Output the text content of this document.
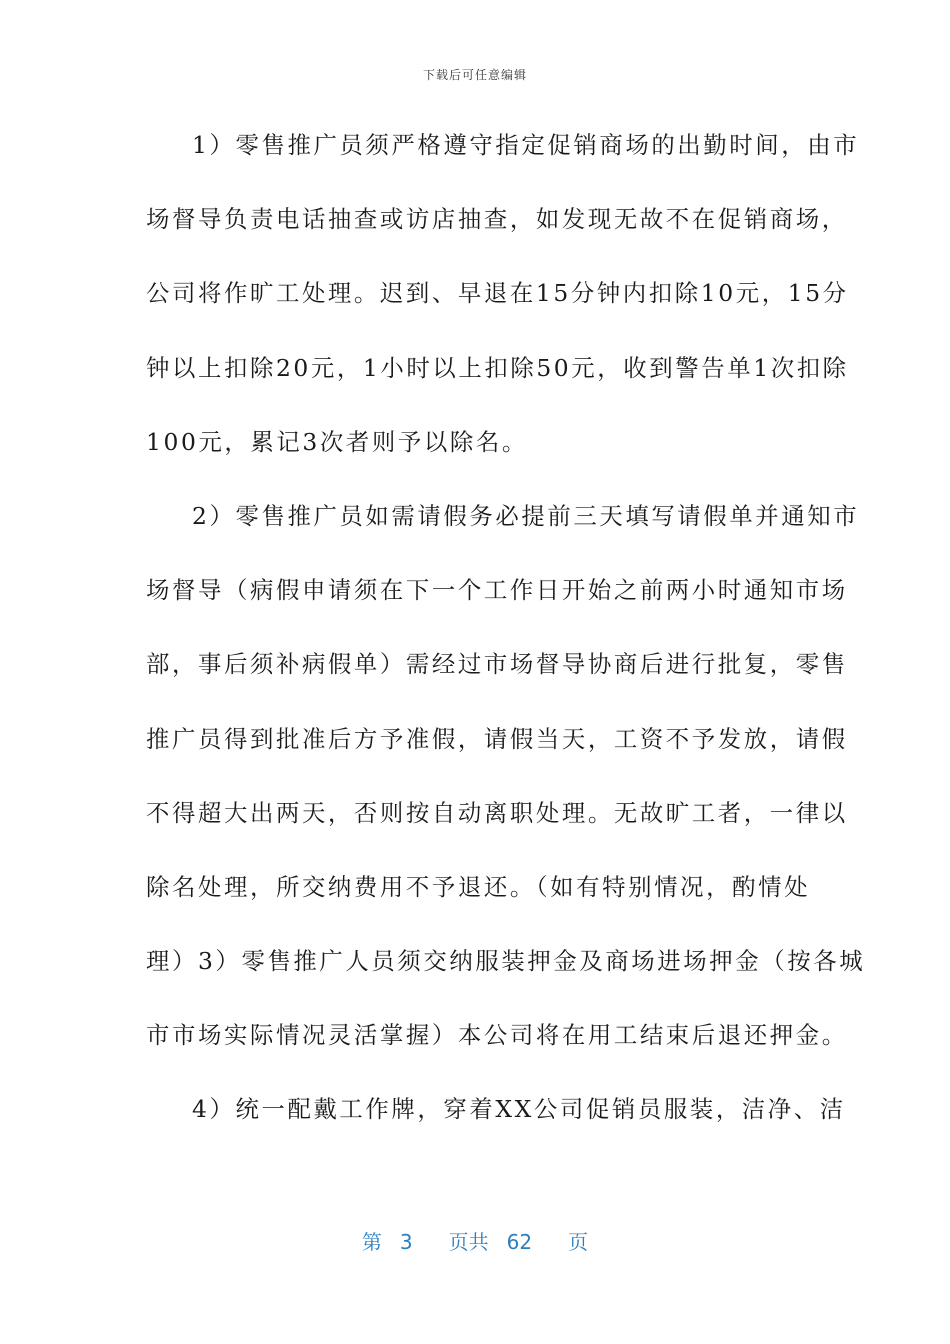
下载后可任意编辑
1）零售推广员须严格遵守指定促销商场的出勤时间，由市
场督导负责电话抽查或访店抽查，如发现无故不在促销商场，
公司将作旷工处理。迟到、早退在15分钟内扣除10元，15分
钟以上扣除20元，1小时以上扣除50元，收到警告单1次扣除
100元，累记3次者则予以除名。
2）零售推广员如需请假务必提前三天填写请假单并通知市
场督导（病假申请须在下一个工作日开始之前两小时通知市场
部，事后须补病假单）需经过市场督导协商后进行批复，零售
推广员得到批准后方予准假，请假当天，工资不予发放，请假
不得超大出两天，否则按自动离职处理。无故旷工者，一律以
除名处理，所交纳费用不予退还。（如有特别情况，酌情处
理）3）零售推广人员须交纳服装押金及商场进场押金（按各城
市市场实际情况灵活掌握）本公司将在用工结束后退还押金。
4）统一配戴工作牌，穿着XX公司促销员服装，洁净、洁
第 3 页共 62 页
